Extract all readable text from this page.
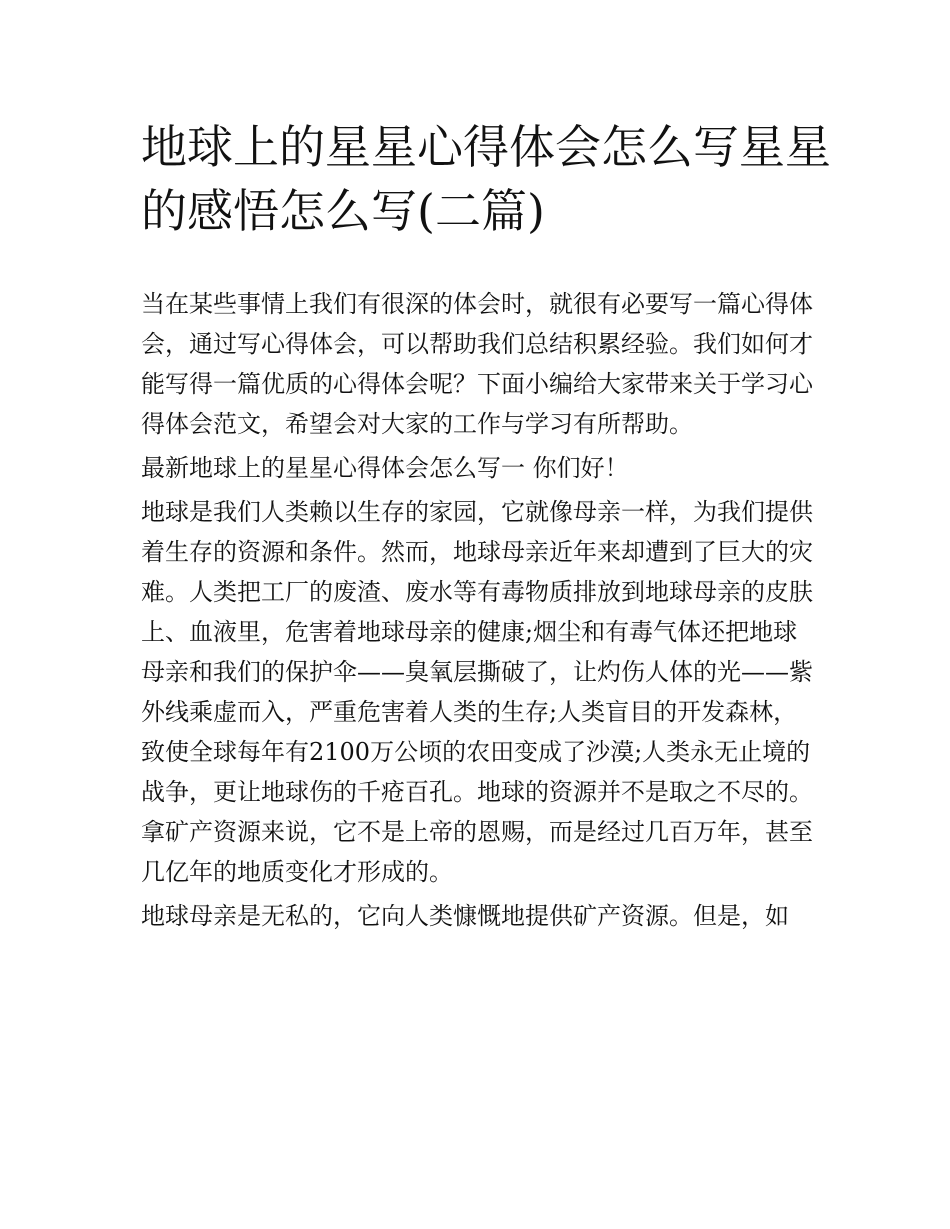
地球上的星星心得体会怎么写星星的感悟怎么写(二篇)

当在某些事情上我们有很深的体会时，就很有必要写一篇心得体会，通过写心得体会，可以帮助我们总结积累经验。我们如何才能写得一篇优质的心得体会呢？下面小编给大家带来关于学习心得体会范文，希望会对大家的工作与学习有所帮助。

最新地球上的星星心得体会怎么写一 你们好！

地球是我们人类赖以生存的家园，它就像母亲一样，为我们提供着生存的资源和条件。然而，地球母亲近年来却遭到了巨大的灾难。人类把工厂的废渣、废水等有毒物质排放到地球母亲的皮肤上、血液里，危害着地球母亲的健康;烟尘和有毒气体还把地球母亲和我们的保护伞——臭氧层撕破了，让灼伤人体的光——紫外线乘虚而入，严重危害着人类的生存;人类盲目的开发森林，致使全球每年有2100万公顷的农田变成了沙漠;人类永无止境的战争，更让地球伤的千疮百孔。地球的资源并不是取之不尽的。拿矿产资源来说，它不是上帝的恩赐，而是经过几百万年，甚至几亿年的地质变化才形成的。

地球母亲是无私的，它向人类慷慨地提供矿产资源。但是，如
